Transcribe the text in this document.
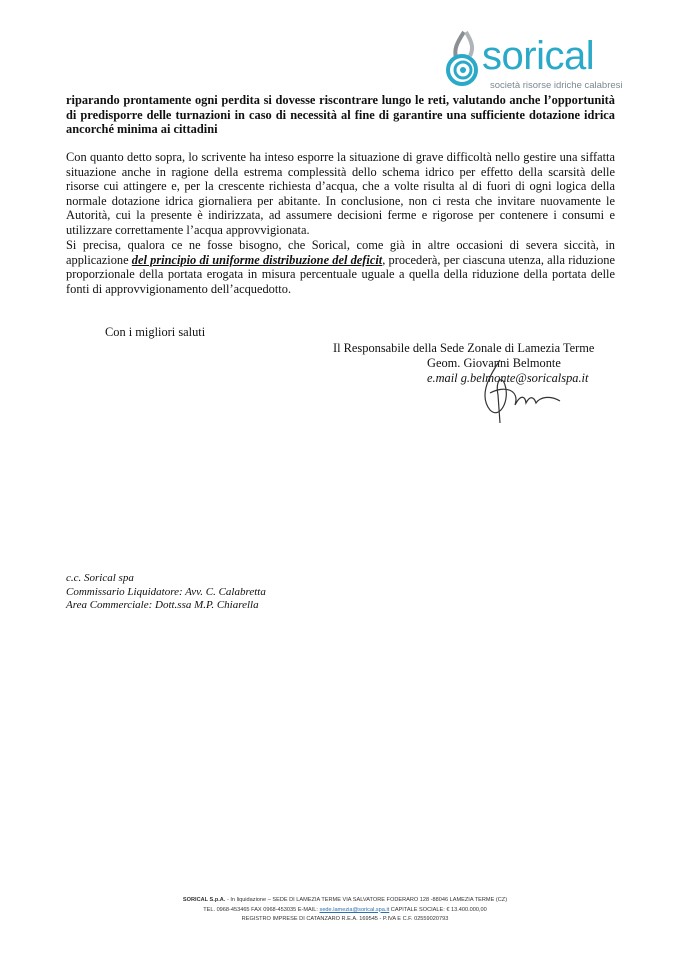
sorical
società risorse idriche calabresi
riparando prontamente ogni perdita si dovesse riscontrare lungo le reti, valutando anche l’opportunità di predisporre delle turnazioni in caso di necessità al fine di garantire una sufficiente dotazione idrica ancorché minima ai cittadini
Con quanto detto sopra, lo scrivente ha inteso esporre la situazione di grave difficoltà nello gestire una siffatta situazione anche in ragione della estrema complessità dello schema idrico per effetto della scarsità delle risorse cui attingere e, per la crescente richiesta d’acqua, che a volte risulta al di fuori di ogni logica della normale dotazione idrica giornaliera per abitante. In conclusione, non ci resta che invitare nuovamente le Autorità, cui la presente è indirizzata, ad assumere decisioni ferme e rigorose per contenere i consumi e utilizzare correttamente l’acqua approvvigionata.
Si precisa, qualora ce ne fosse bisogno, che Sorical, come già in altre occasioni di severa siccità, in applicazione del principio di uniforme distribuzione del deficit, procederà, per ciascuna utenza, alla riduzione proporzionale della portata erogata in misura percentuale uguale a quella della riduzione della portata delle fonti di approvvigionamento dell’acquedotto.
Con i migliori saluti
Il Responsabile della Sede Zonale di Lamezia Terme
Geom. Giovanni Belmonte
e.mail g.belmonte@soricalspa.it
c.c. Sorical spa
Commissario Liquidatore: Avv. C. Calabretta
Area Commerciale: Dott.ssa M.P. Chiarella
SORICAL S.p.A. - In liquidazione – SEDE DI LAMEZIA TERME VIA SALVATORE FODERARO 128 -88046 LAMEZIA TERME (CZ)
TEL. 0968-453465 FAX 0968-453035 E-MAIL: sede.lamezia@sorical.spa.it CAPITALE SOCIALE: € 13.400.000,00
REGISTRO IMPRESE DI CATANZARO R.E.A. 169545 - P.IVA E C.F. 02559020793
